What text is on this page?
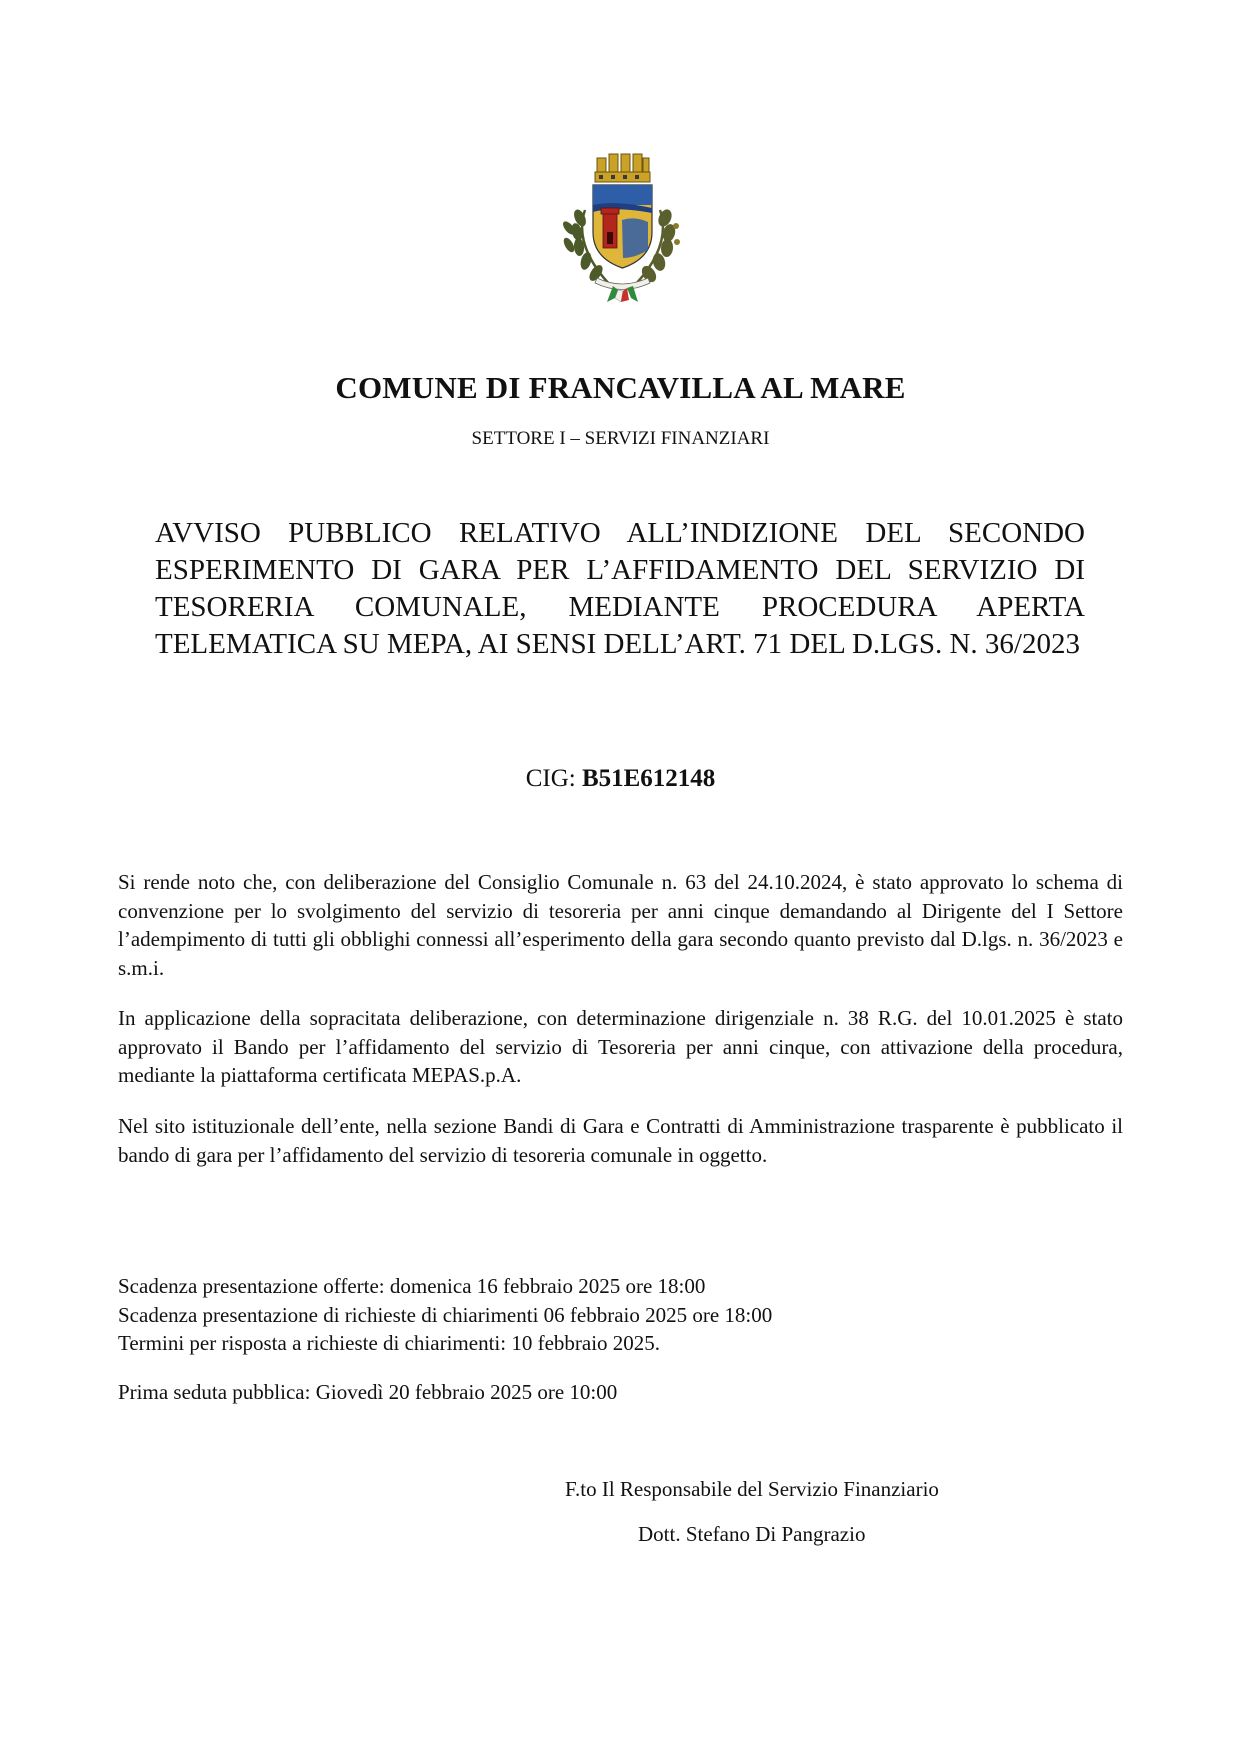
COMUNE DI FRANCAVILLA AL MARE
SETTORE I – SERVIZI FINANZIARI
AVVISO PUBBLICO RELATIVO ALL’INDIZIONE DEL SECONDO ESPERIMENTO DI GARA PER L’AFFIDAMENTO DEL SERVIZIO DI TESORERIA COMUNALE, MEDIANTE PROCEDURA APERTA TELEMATICA SU MEPA, AI SENSI DELL’ART. 71 DEL D.LGS. N. 36/2023
CIG: B51E612148
Si rende noto che, con deliberazione del Consiglio Comunale n. 63 del 24.10.2024, è stato approvato lo schema di convenzione per lo svolgimento del servizio di tesoreria per anni cinque demandando al Dirigente del I Settore l’adempimento di tutti gli obblighi connessi all’esperimento della gara secondo quanto previsto dal D.lgs. n. 36/2023 e s.m.i.
In applicazione della sopracitata deliberazione, con determinazione dirigenziale n. 38 R.G. del 10.01.2025 è stato approvato il Bando per l’affidamento del servizio di Tesoreria per anni cinque, con attivazione della procedura, mediante la piattaforma certificata MEPAS.p.A.
Nel sito istituzionale dell’ente, nella sezione Bandi di Gara e Contratti di Amministrazione trasparente è pubblicato il bando di gara per l’affidamento del servizio di tesoreria comunale in oggetto.
Scadenza presentazione offerte: domenica 16 febbraio 2025 ore 18:00
Scadenza presentazione di richieste di chiarimenti 06 febbraio 2025 ore 18:00
Termini per risposta a richieste di chiarimenti: 10 febbraio 2025.
Prima seduta pubblica: Giovedì 20 febbraio 2025 ore 10:00
F.to Il Responsabile del Servizio Finanziario
Dott. Stefano Di Pangrazio
